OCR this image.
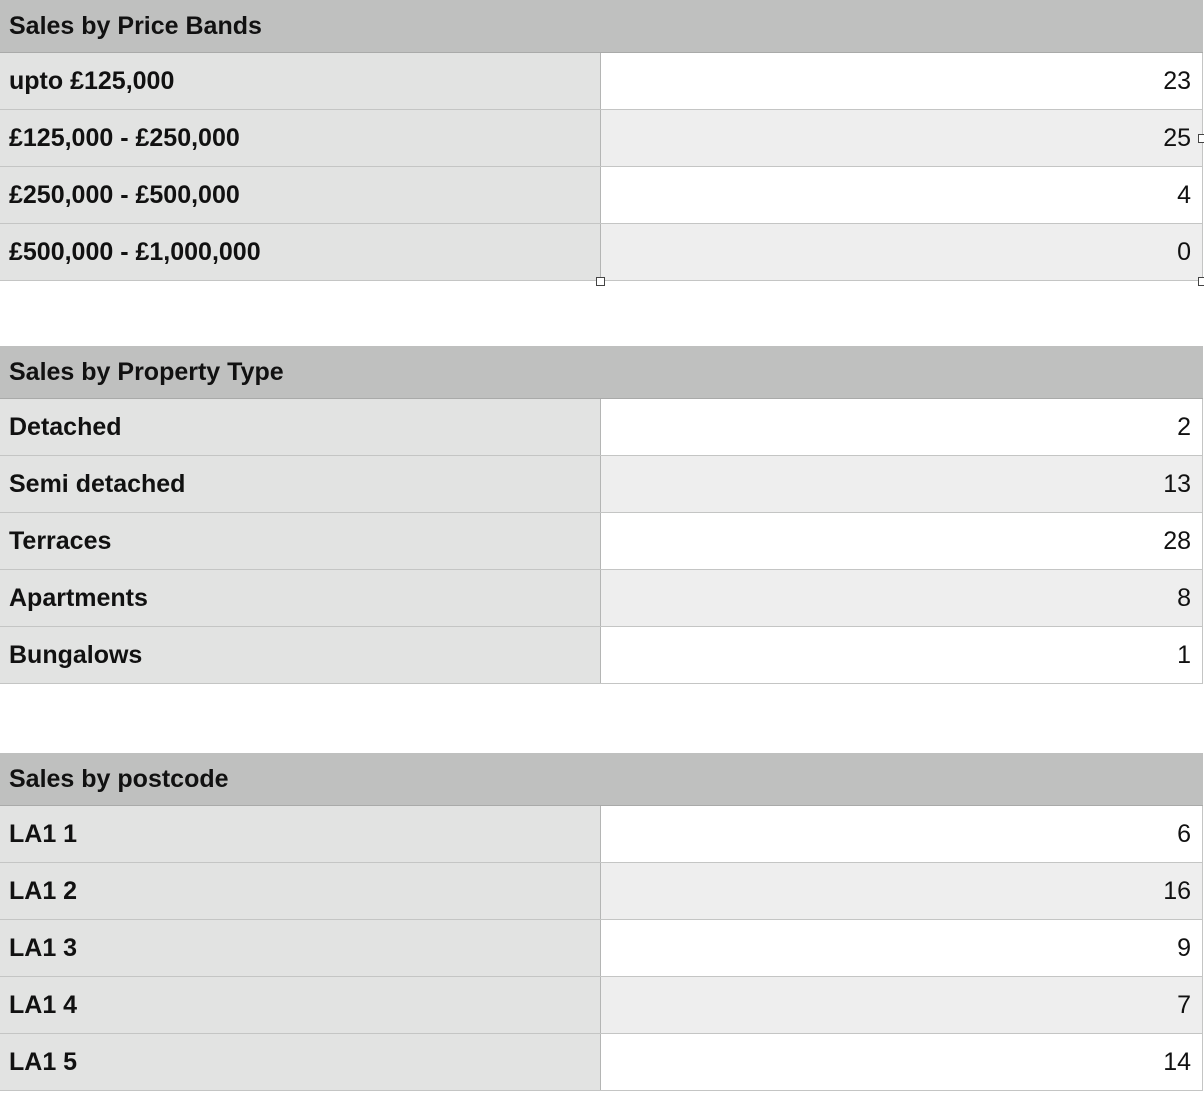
Sales by Price Bands
upto £125,000	23
£125,000 - £250,000	25
£250,000 - £500,000	4
£500,000 - £1,000,000	0
Sales by Property Type
Detached	2
Semi detached	13
Terraces	28
Apartments	8
Bungalows	1
Sales by postcode
LA1 1	6
LA1 2	16
LA1 3	9
LA1 4	7
LA1 5	14
